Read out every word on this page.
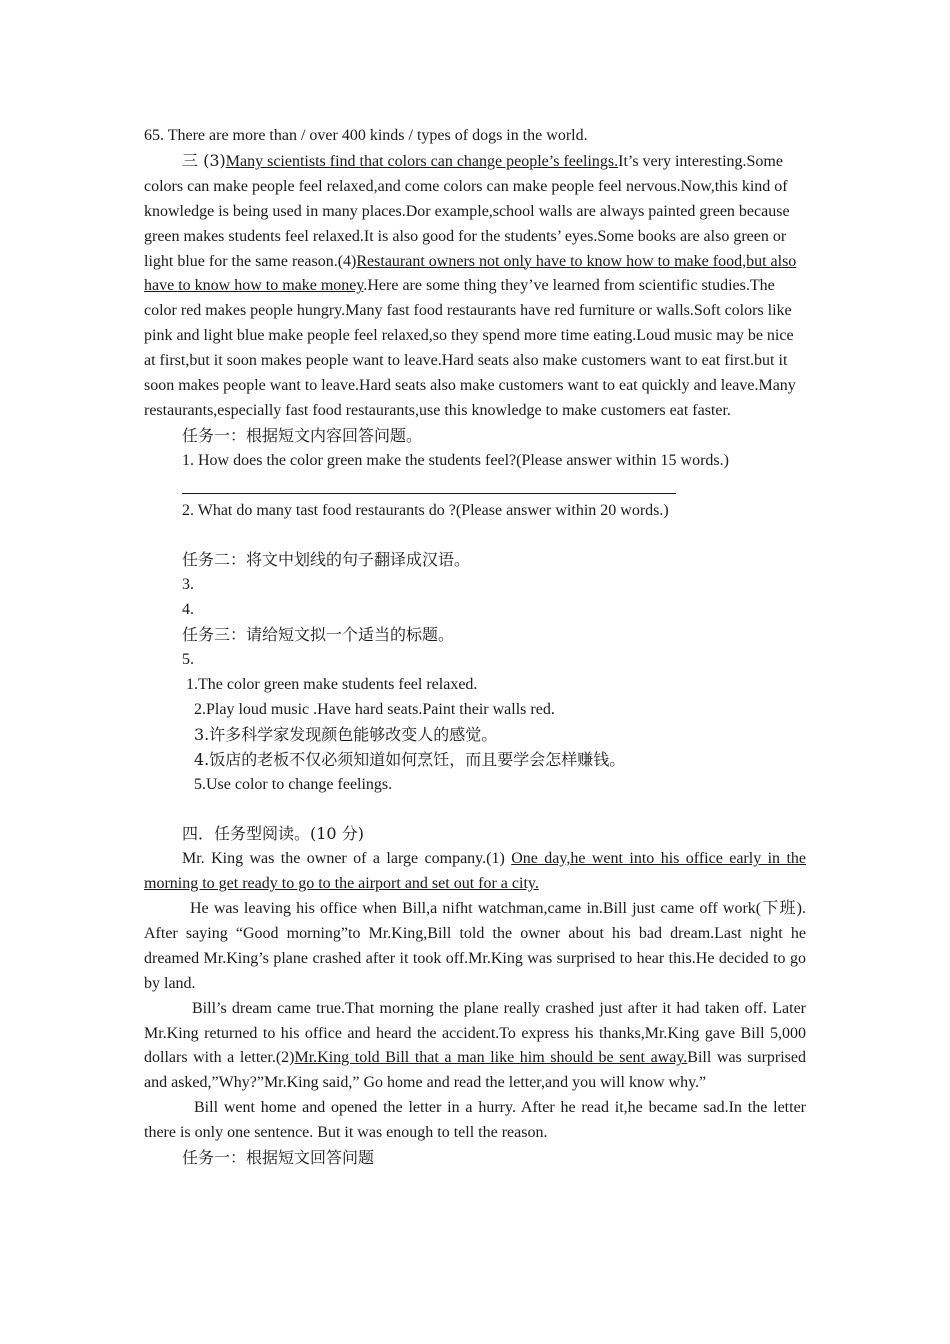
65. There are more than / over 400 kinds / types of dogs in the world.

三 (3)Many scientists find that colors can change people’s feelings.It’s very interesting.Some colors can make people feel relaxed,and come colors can make people feel nervous.Now,this kind of knowledge is being used in many places.Dor example,school walls are always painted green because green makes students feel relaxed.It is also good for the students’ eyes.Some books are also green or light blue for the same reason.(4)Restaurant owners not only have to know how to make food,but also have to know how to make money.Here are some thing they’ve learned from scientific studies.The color red makes people hungry.Many fast food restaurants have red furniture or walls.Soft colors like pink and light blue make people feel relaxed,so they spend more time eating.Loud music may be nice at first,but it soon makes people want to leave.Hard seats also make customers want to eat first.but it soon makes people want to leave.Hard seats also make customers want to eat quickly and leave.Many restaurants,especially fast food restaurants,use this knowledge to make customers eat faster.

任务一：根据短文内容回答问题。

1. How does the color green make the students feel?(Please answer within 15 words.)

2. What do many tast food restaurants do ?(Please answer within 20 words.)

任务二：将文中划线的句子翻译成汉语。

3.

4.

任务三：请给短文拟一个适当的标题。

5.

1.The color green make students feel relaxed.

2.Play loud music .Have hard seats.Paint their walls red.

3.许多科学家发现颜色能够改变人的感觉。

4.饭店的老板不仅必须知道如何烹饪，而且要学会怎样赚钱。

5.Use color to change feelings.

四．任务型阅读。(10 分)

Mr. King was the owner of a large company.(1) One day,he went into his office early in the morning to get ready to go to the airport and set out for a city.

He was leaving his office when Bill,a nifht watchman,came in.Bill just came off work(下班). After saying “Good morning”to Mr.King,Bill told the owner about his bad dream.Last night he dreamed Mr.King’s plane crashed after it took off.Mr.King was surprised to hear this.He decided to go by land.

Bill’s dream came true.That morning the plane really crashed just after it had taken off. Later Mr.King returned to his office and heard the accident.To express his thanks,Mr.King gave Bill 5,000 dollars with a letter.(2)Mr.King told Bill that a man like him should be sent away.Bill was surprised and asked,”Why?”Mr.King said,” Go home and read the letter,and you will know why.”

Bill went home and opened the letter in a hurry. After he read it,he became sad.In the letter there is only one sentence. But it was enough to tell the reason.

任务一：根据短文回答问题
